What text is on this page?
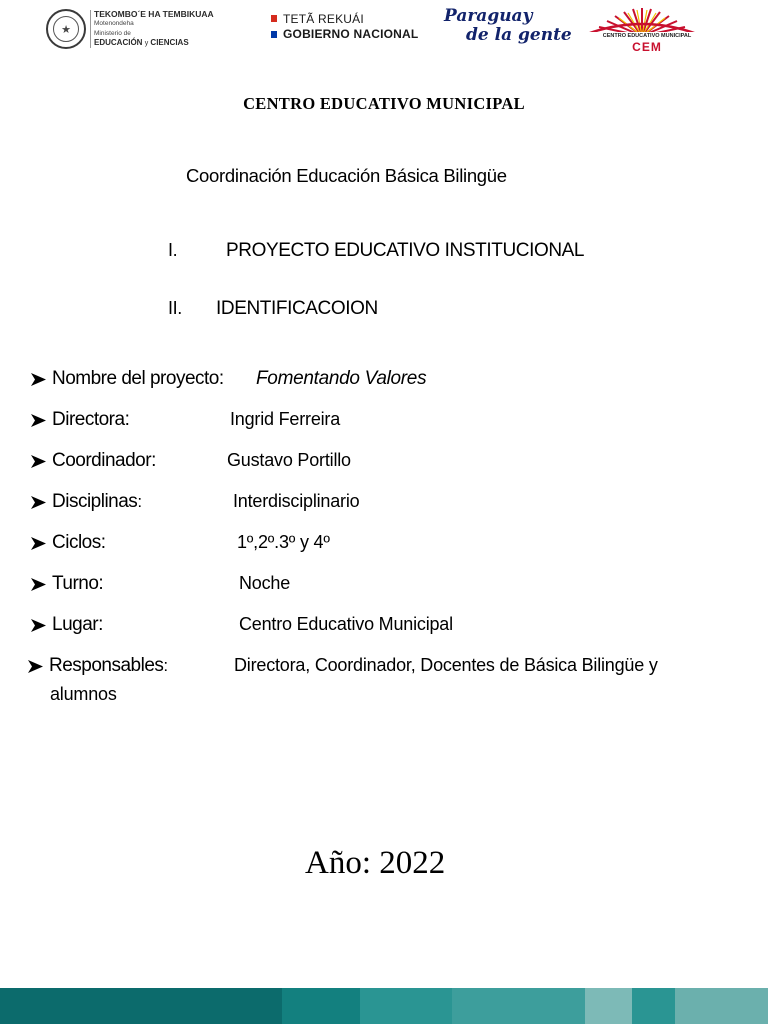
★
TEKOMBO´E HA TEMBIKUAA
Motenondeha
Ministerio de
EDUCACIÓN y CIENCIAS
TETÃ REKUÁI
GOBIERNO NACIONAL
Paraguay
de la gente	CENTRO EDUCATIVO MUNICIPAL
CEM
CENTRO EDUCATIVO MUNICIPAL
Coordinación Educación Básica Bilingüe
I.	PROYECTO EDUCATIVO INSTITUCIONAL
II. IDENTIFICACOION
Nombre del proyecto: Fomentando Valores
Directora:	Ingrid Ferreira
Coordinador:	Gustavo Portillo
Disciplinas :	Interdisciplinario
Ciclos:	1º,2º.3º y 4º
Turno:	Noche
Lugar:	Centro Educativo Municipal
Responsables :	Directora, Coordinador, Docentes de Básica Bilingüe y
alumnos
Año: 2022
